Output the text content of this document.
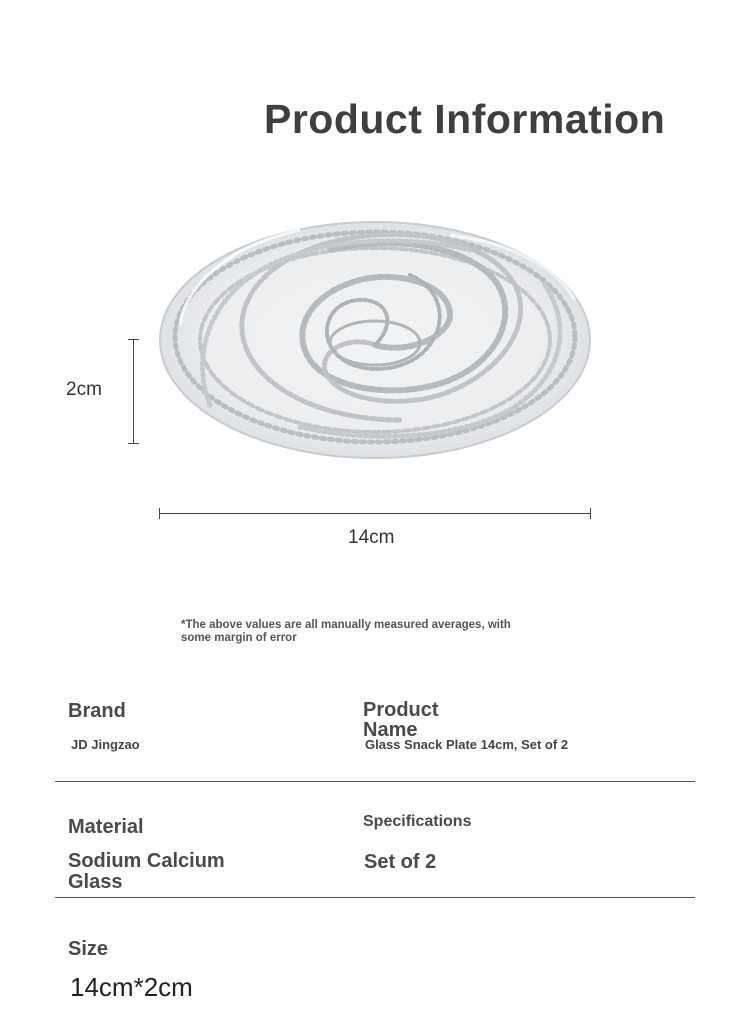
Product Information
2cm
14cm
*The above values are all manually measured averages, with some margin of error
Brand
JD Jingzao
Product Name
Glass Snack Plate 14cm, Set of 2
Material
Sodium Calcium Glass
Specifications
Set of 2
Size
14cm*2cm
